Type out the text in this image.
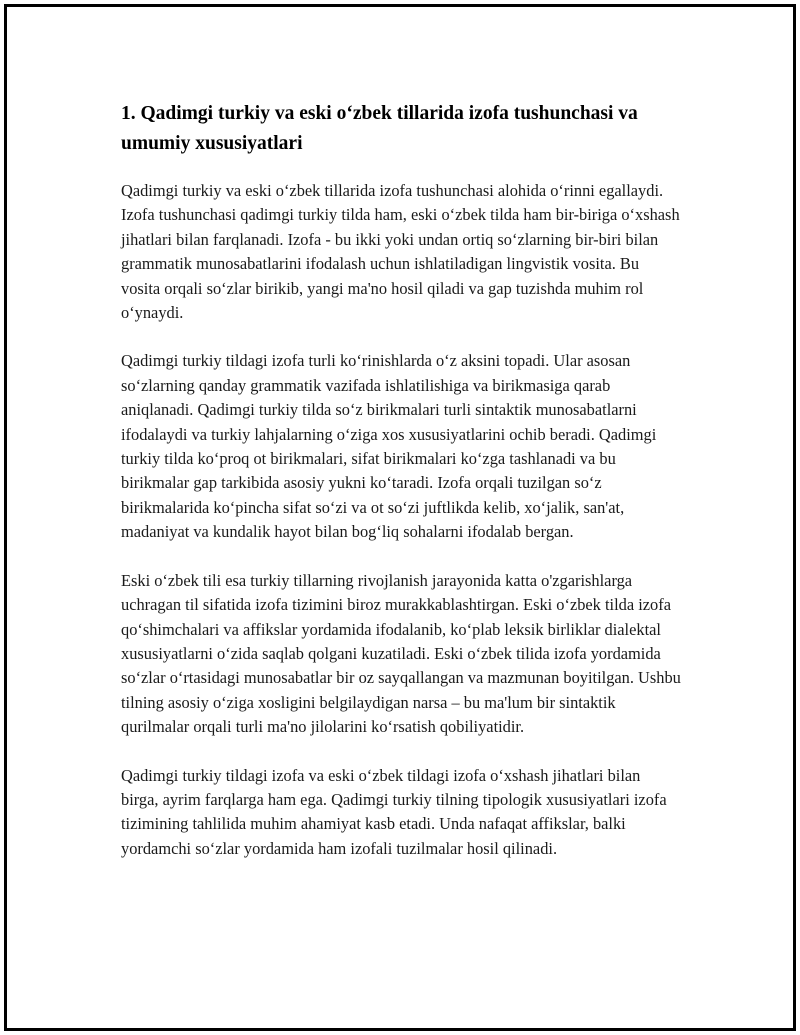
1. Qadimgi turkiy va eski o‘zbek tillarida izofa tushunchasi va umumiy xususiyatlari

Qadimgi turkiy va eski o‘zbek tillarida izofa tushunchasi alohida o‘rinni egallaydi. Izofa tushunchasi qadimgi turkiy tilda ham, eski o‘zbek tilda ham bir-biriga o‘xshash jihatlari bilan farqlanadi. Izofa - bu ikki yoki undan ortiq so‘zlarning bir-biri bilan grammatik munosabatlarini ifodalash uchun ishlatiladigan lingvistik vosita. Bu vosita orqali so‘zlar birikib, yangi ma'no hosil qiladi va gap tuzishda muhim rol o‘ynaydi.

Qadimgi turkiy tildagi izofa turli ko‘rinishlarda o‘z aksini topadi. Ular asosan so‘zlarning qanday grammatik vazifada ishlatilishiga va birikmasiga qarab aniqlanadi. Qadimgi turkiy tilda so‘z birikmalari turli sintaktik munosabatlarni ifodalaydi va turkiy lahjalarning o‘ziga xos xususiyatlarini ochib beradi. Qadimgi turkiy tilda ko‘proq ot birikmalari, sifat birikmalari ko‘zga tashlanadi va bu birikmalar gap tarkibida asosiy yukni ko‘taradi. Izofa orqali tuzilgan so‘z birikmalarida ko‘pincha sifat so‘zi va ot so‘zi juftlikda kelib, xo‘jalik, san'at, madaniyat va kundalik hayot bilan bog‘liq sohalarni ifodalab bergan.

Eski o‘zbek tili esa turkiy tillarning rivojlanish jarayonida katta o'zgarishlarga uchragan til sifatida izofa tizimini biroz murakkablashtirgan. Eski o‘zbek tilda izofa qo‘shimchalari va affikslar yordamida ifodalanib, ko‘plab leksik birliklar dialektal xususiyatlarni o‘zida saqlab qolgani kuzatiladi. Eski o‘zbek tilida izofa yordamida so‘zlar o‘rtasidagi munosabatlar bir oz sayqallangan va mazmunan boyitilgan. Ushbu tilning asosiy o‘ziga xosligini belgilaydigan narsa – bu ma'lum bir sintaktik qurilmalar orqali turli ma'no jilolarini ko‘rsatish qobiliyatidir.

Qadimgi turkiy tildagi izofa va eski o‘zbek tildagi izofa o‘xshash jihatlari bilan birga, ayrim farqlarga ham ega. Qadimgi turkiy tilning tipologik xususiyatlari izofa tizimining tahlilida muhim ahamiyat kasb etadi. Unda nafaqat affikslar, balki yordamchi so‘zlar yordamida ham izofali tuzilmalar hosil qilinadi.
